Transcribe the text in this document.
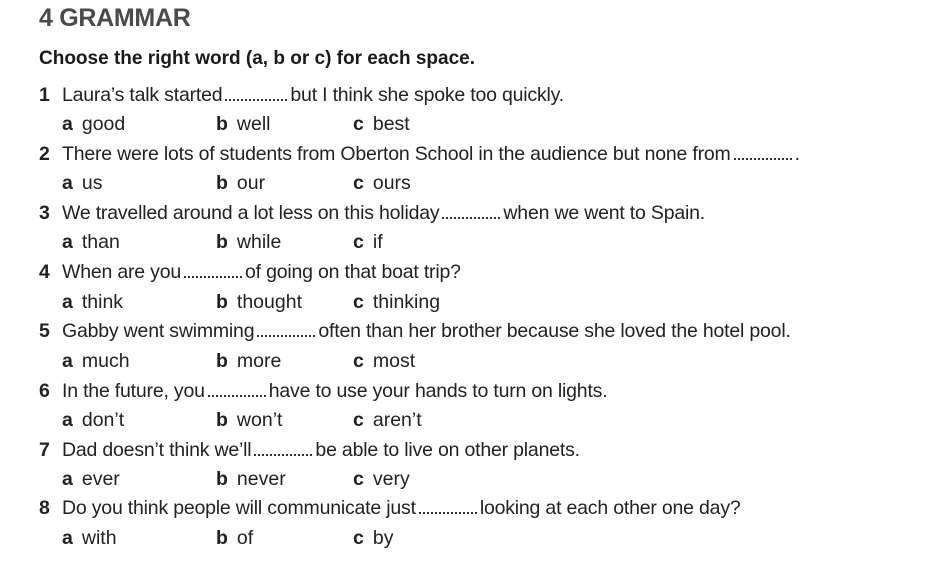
4 GRAMMAR
Choose the right word (a, b or c) for each space.
1 Laura’s talk started	but I think she spoke too quickly.
a good	b well	c best
2 There were lots of students from Oberton School in the audience but none from	.
a us	b our	c ours
3 We travelled around a lot less on this holiday	when we went to Spain.
a than	b while	c if
4 When are you	of going on that boat trip?
a think	b thought	c thinking
5 Gabby went swimming	often than her brother because she loved the hotel pool.
a much	b more	c most
6 In the future, you	have to use your hands to turn on lights.
a don’t	b won’t	c aren’t
7 Dad doesn’t think we’ll	be able to live on other planets.
a ever	b never	c very
8 Do you think people will communicate just	looking at each other one day?
a with	b of	c by
